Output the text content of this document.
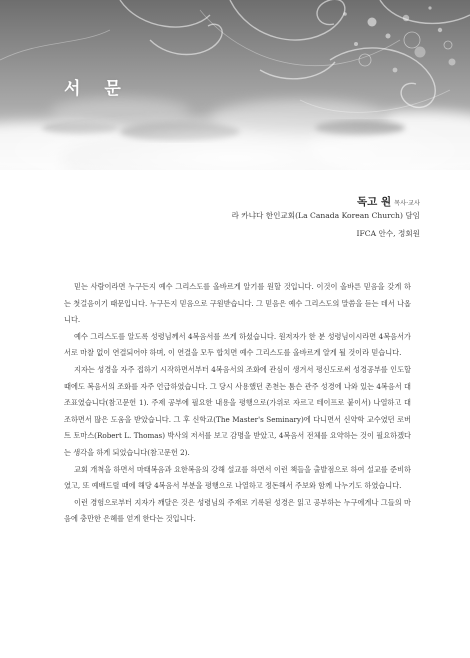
서 문
독고 원 목사·교사
라 카냐다 한인교회(La Canada Korean Church) 담임
IFCA 안수, 정회원

믿는 사람이라면 누구든지 예수 그리스도를 올바르게 알기를 원할 것입니다. 이것이 올바른 믿음을 갖게 하는 첫걸음이기 때문입니다. 누구든지 믿음으로 구원받습니다. 그 믿음은 예수 그리스도의 말씀을 듣는 데서 나옵니다.

예수 그리스도를 알도록 성령님께서 4복음서를 쓰게 하셨습니다. 원저자가 한 분 성령님이시라면 4복음서가 서로 마찰 없이 연결되어야 하며, 이 연결을 모두 합치면 예수 그리스도를 올바르게 알게 될 것이라 믿습니다.

지자는 성경을 자주 접하기 시작하면서부터 4복음서의 조화에 관심이 생겨서 평신도로써 성경공부를 인도할 때에도 복음서의 조화를 자주 언급하였습니다. 그 당시 사용했던 촌천는 톰슨 관주 성경에 나와 있는 4복음서 대조표였습니다(참고문헌 1). 주제 공부에 필요한 내용을 평행으로(가위로 자르고 테이프로 붙이서) 나열하고 대조하면서 많은 도움을 받았습니다. 그 후 신학교(The Master's Seminary)에 다니면서 신약학 교수였던 로버트 토마스(Robert L. Thomas) 박사의 저서를 보고 감명을 받았고, 4복음서 전체를 요약하는 것이 필요하겠다는 생각을 하게 되었습니다(참고문헌 2).

교회 개척을 하면서 마태복음과 요한복음의 강해 설교를 하면서 이런 책들을 출발점으로 하여 설교를 준비하였고, 또 예배드릴 때에 해당 4복음서 부분을 평행으로 나열하고 정돈해서 주보와 함께 나누기도 하였습니다.

이런 경험으로부터 지자가 깨달은 것은 성령님의 주재로 기록된 성경은 읽고 공부하는 누구에게나 그들의 마음에 충만한 은혜를 얻게 한다는 것입니다.
